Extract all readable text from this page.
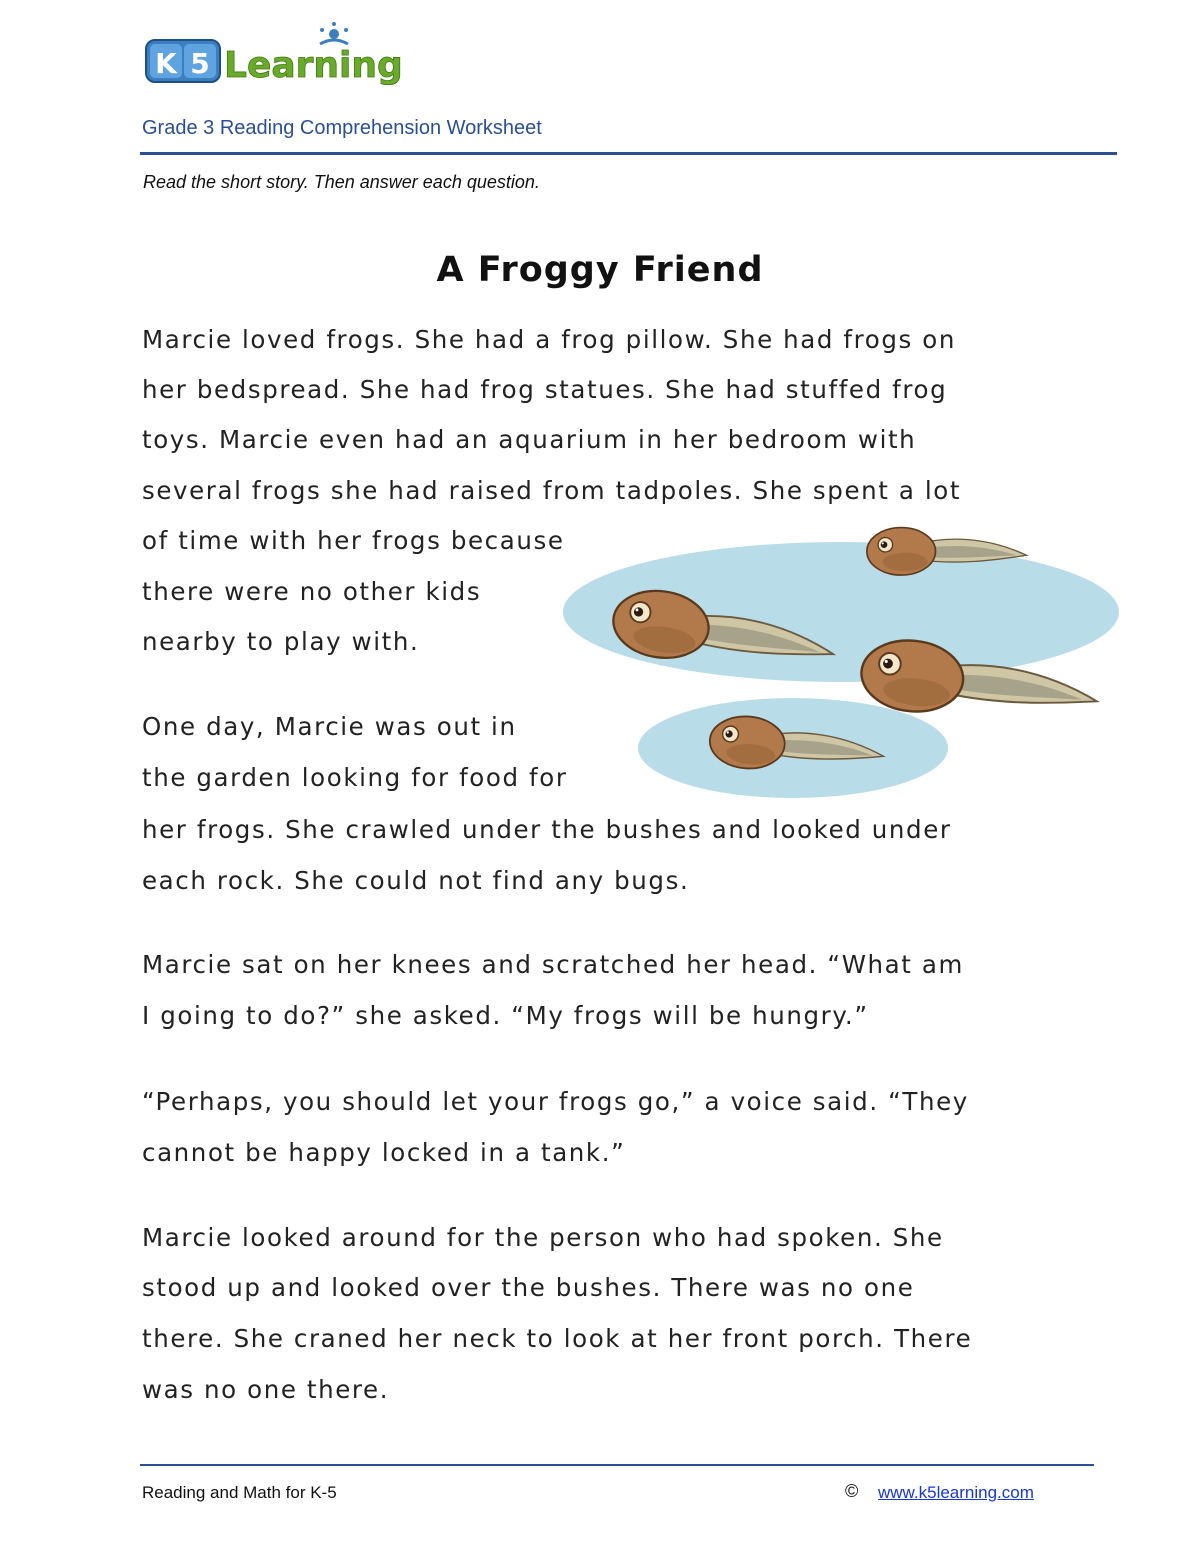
K 5 Learning
Grade 3 Reading Comprehension Worksheet
Read the short story. Then answer each question.
A Froggy Friend
Marcie loved frogs. She had a frog pillow. She had frogs on
her bedspread. She had frog statues. She had stuffed frog
toys. Marcie even had an aquarium in her bedroom with
several frogs she had raised from tadpoles. She spent a lot
of time with her frogs because
there were no other kids
nearby to play with.
One day, Marcie was out in
the garden looking for food for
her frogs. She crawled under the bushes and looked under
each rock. She could not find any bugs.
Marcie sat on her knees and scratched her head. “What am
I going to do?” she asked. “My frogs will be hungry.”
“Perhaps, you should let your frogs go,” a voice said. “They
cannot be happy locked in a tank.”
Marcie looked around for the person who had spoken. She
stood up and looked over the bushes. There was no one
there. She craned her neck to look at her front porch. There
was no one there.
Reading and Math for K-5	© www.k5learning.com
